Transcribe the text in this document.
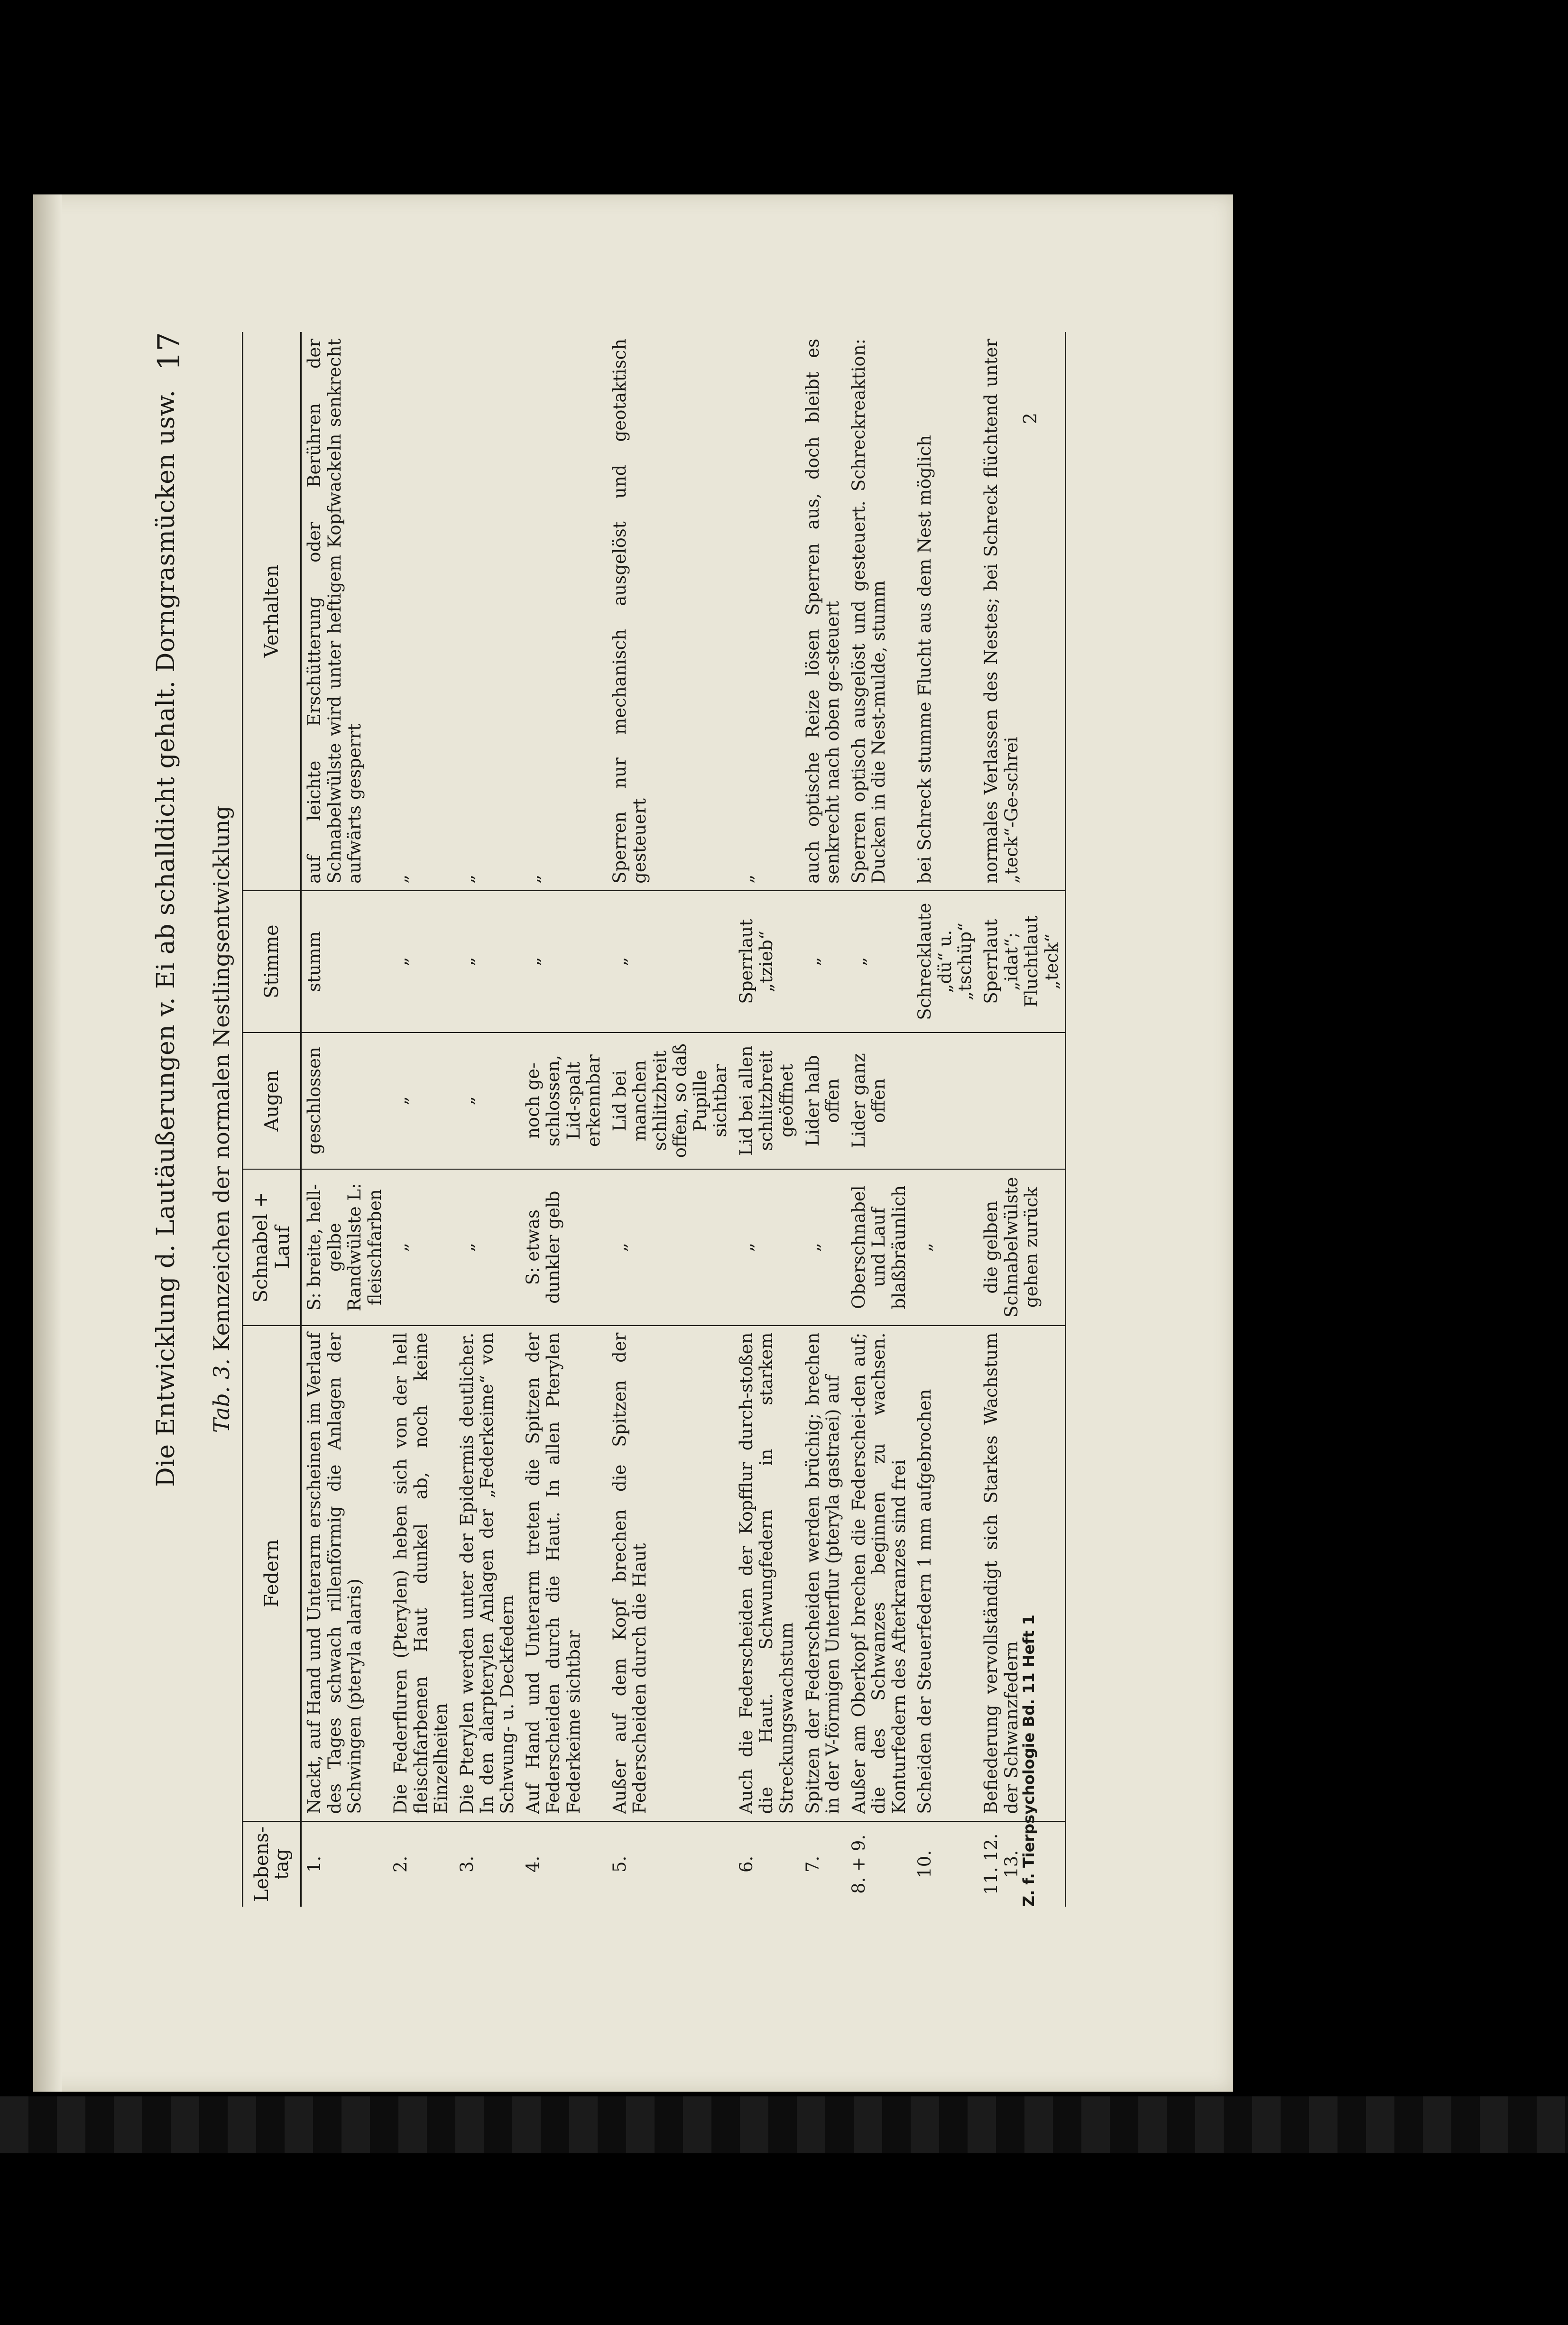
Die Entwicklung d. Lautäußerungen v. Ei ab schalldicht gehalt. Dorngrasmücken usw.
17
Tab. 3. Kennzeichen der normalen Nestlingsentwicklung
Lebens-tag	Federn	Schnabel + Lauf	Augen	Stimme	Verhalten
1.	Nackt, auf Hand und Unterarm erscheinen im Verlauf des Tages schwach rillenförmig die Anlagen der Schwingen (pteryla alaris)	S: breite, hell-gelbe Randwülste L: fleischfarben	geschlossen	stumm	auf leichte Erschütterung oder Berühren der Schnabelwülste wird unter heftigem Kopfwackeln senkrecht aufwärts gesperrt
2.	Die Federfluren (Pterylen) heben sich von der hell fleischfarbenen Haut dunkel ab, noch keine Einzelheiten	„	„	„	„
3.	Die Pterylen werden unter der Epidermis deutlicher. In den alarpterylen Anlagen der „Federkeime“ von Schwung- u. Deckfedern	„	„	„	„
4.	Auf Hand und Unterarm treten die Spitzen der Federscheiden durch die Haut. In allen Pterylen Federkeime sichtbar	S: etwas dunkler gelb	noch ge-schlossen, Lid-spalt erkennbar	„	„
5.	Außer auf dem Kopf brechen die Spitzen der Federscheiden durch die Haut	„	Lid bei manchen schlitzbreit offen, so daß Pupille sichtbar	„	Sperren nur mechanisch ausgelöst und geotaktisch gesteuert
6.	Auch die Federscheiden der Kopfflur durch-stoßen die Haut. Schwungfedern in starkem Streckungswachstum	„	Lid bei allen schlitzbreit geöffnet	Sperrlaut „tzieb“	„
7.	Spitzen der Federscheiden werden brüchig; brechen in der V-förmigen Unterflur (pteryla gastraei) auf	„	Lider halb offen	„	auch optische Reize lösen Sperren aus, doch bleibt es senkrecht nach oben ge-steuert
8. + 9.	Außer am Oberkopf brechen die Federschei-den auf; die des Schwanzes beginnen zu wachsen. Konturfedern des Afterkranzes sind frei	Oberschnabel und Lauf blaßbräunlich	Lider ganz offen	„	Sperren optisch ausgelöst und gesteuert. Schreckreaktion: Ducken in die Nest-mulde, stumm
10.	Scheiden der Steuerfedern 1 mm aufgebrochen	„		Schrecklaute „dü“ u. „tschüp“	bei Schreck stumme Flucht aus dem Nest möglich
11. 12. 13.	Befiederung vervollständigt sich Starkes Wachstum der Schwanzfedern	die gelben Schnabelwülste gehen zurück		Sperrlaut „idat“; Fluchtlaut „teck“	normales Verlassen des Nestes; bei Schreck flüchtend unter „teck“-Ge-schrei
Z. f. Tierpsychologie Bd. 11 Heft 1
2
